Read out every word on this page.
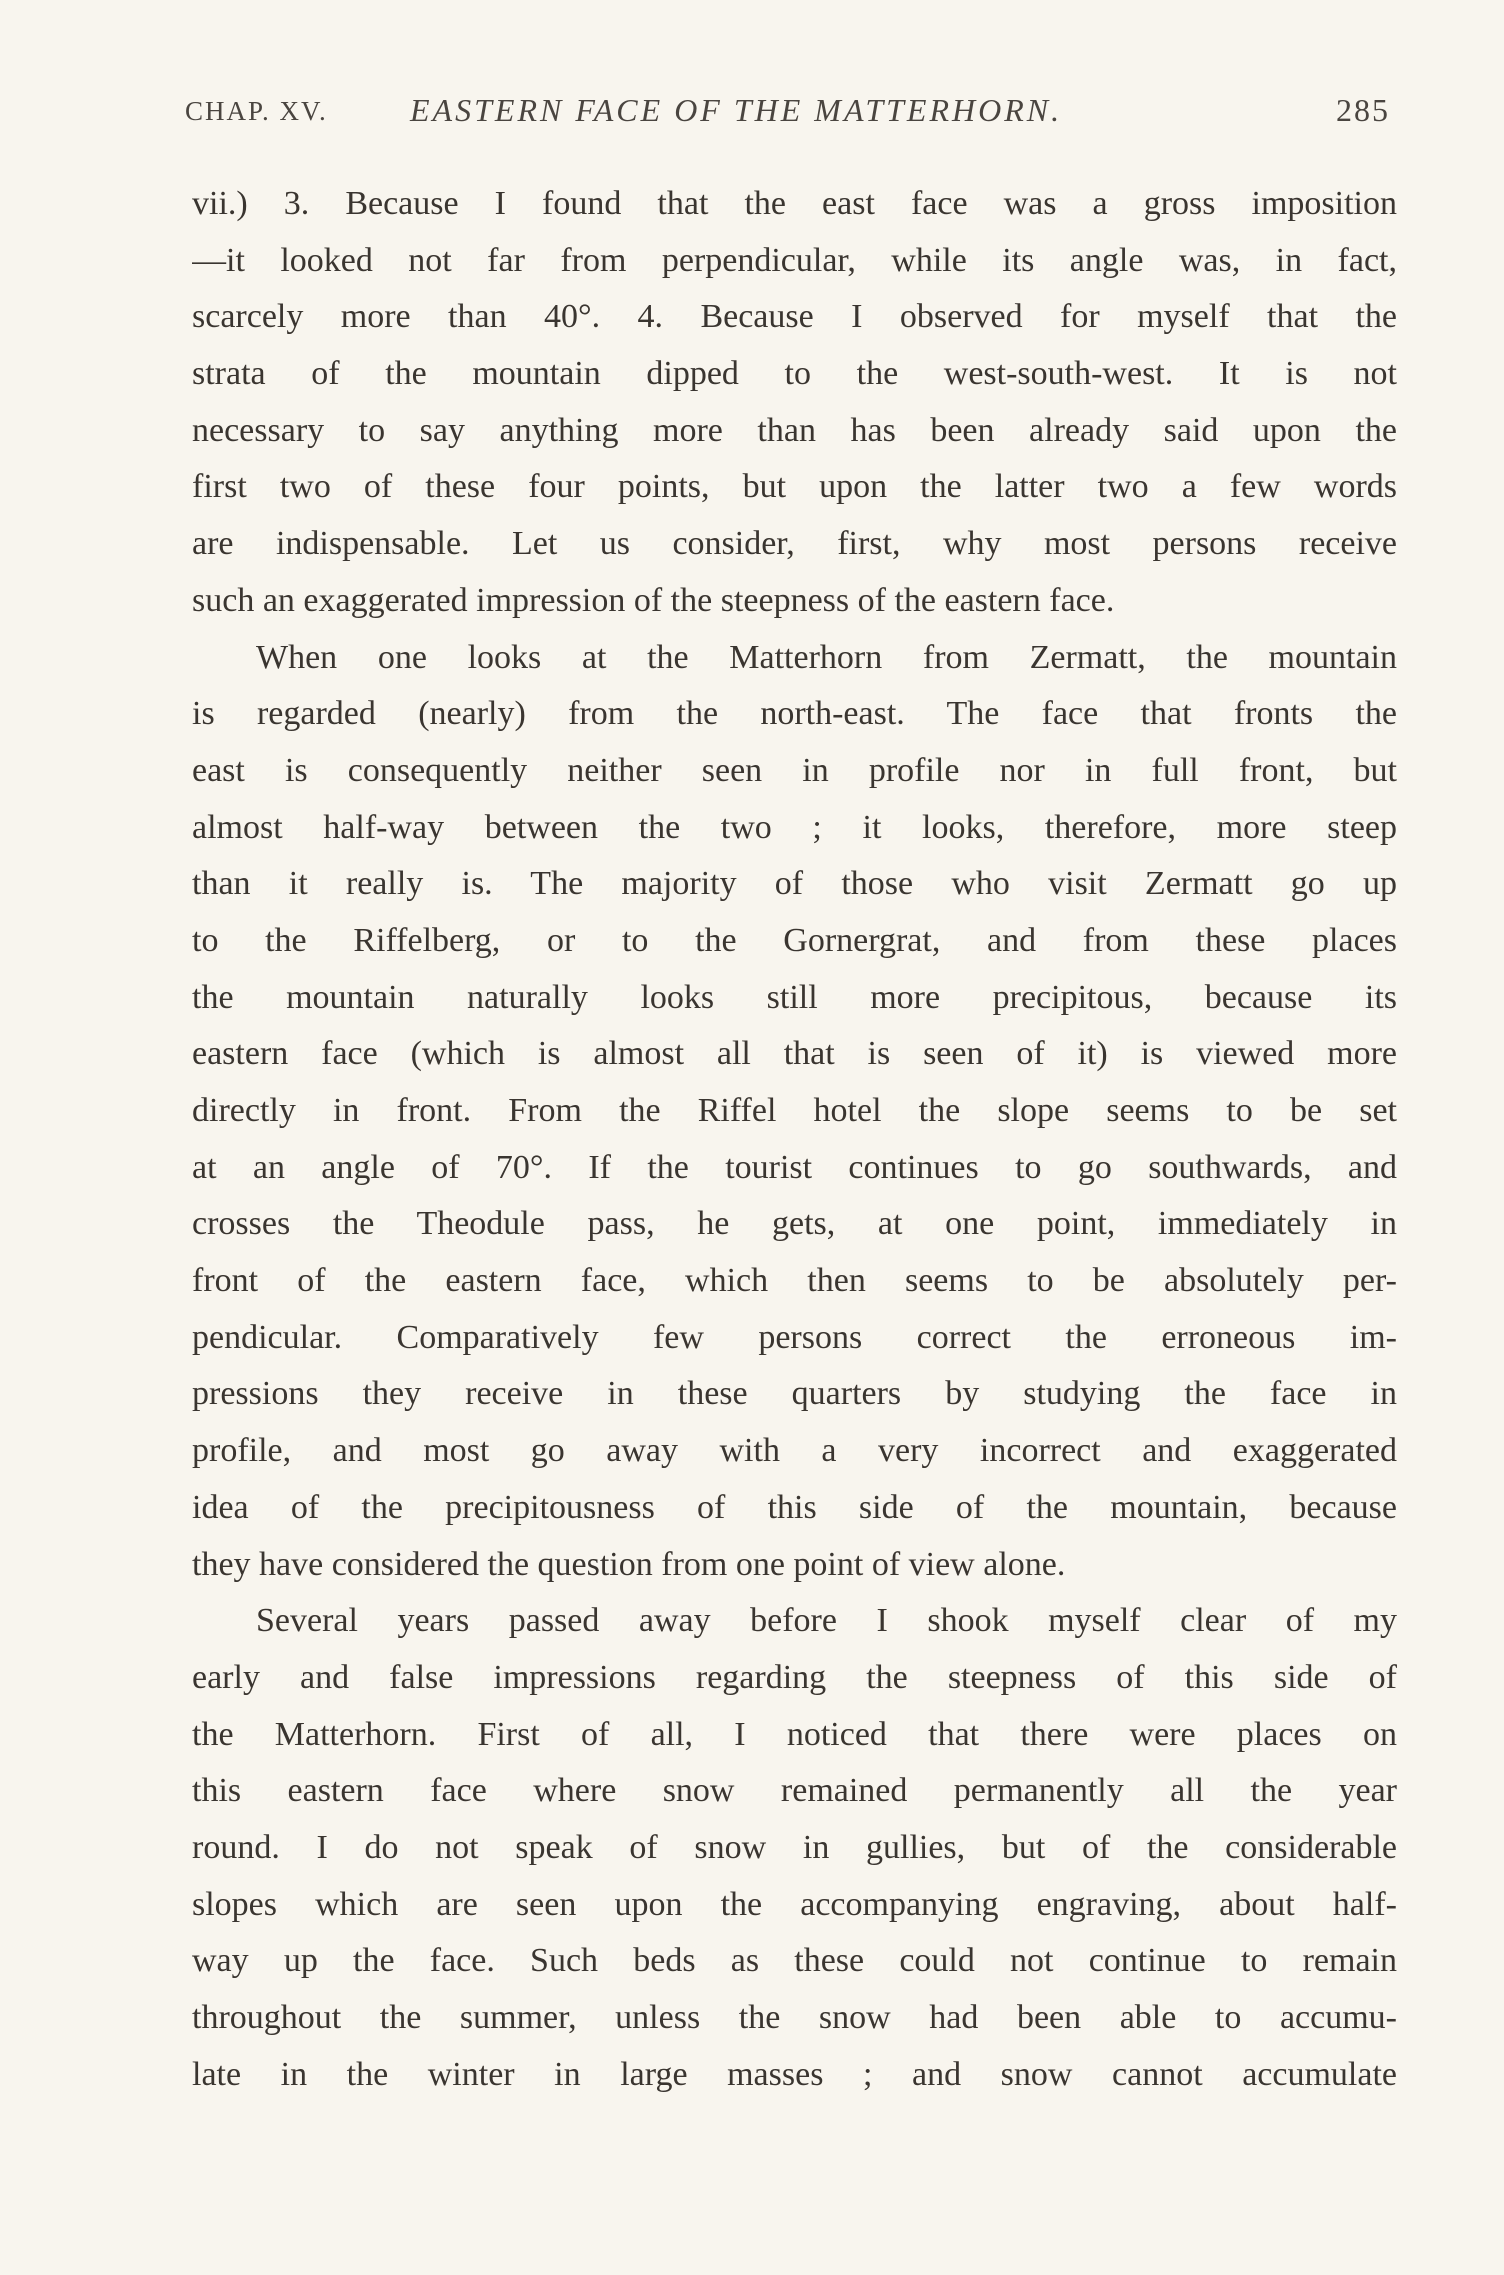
CHAP. XV.	EASTERN FACE OF THE MATTERHORN.	285
vii.) 3. Because I found that the east face was a gross imposition
—it looked not far from perpendicular, while its angle was, in fact,
scarcely more than 40°. 4. Because I observed for myself that the
strata of the mountain dipped to the west-south-west. It is not
necessary to say anything more than has been already said upon the
first two of these four points, but upon the latter two a few words
are indispensable. Let us consider, first, why most persons receive
such an exaggerated impression of the steepness of the eastern face.
When one looks at the Matterhorn from Zermatt, the mountain
is regarded (nearly) from the north-east. The face that fronts the
east is consequently neither seen in profile nor in full front, but
almost half-way between the two ; it looks, therefore, more steep
than it really is. The majority of those who visit Zermatt go up
to the Riffelberg, or to the Gornergrat, and from these places
the mountain naturally looks still more precipitous, because its
eastern face (which is almost all that is seen of it) is viewed more
directly in front. From the Riffel hotel the slope seems to be set
at an angle of 70°. If the tourist continues to go southwards, and
crosses the Theodule pass, he gets, at one point, immediately in
front of the eastern face, which then seems to be absolutely per-
pendicular. Comparatively few persons correct the erroneous im-
pressions they receive in these quarters by studying the face in
profile, and most go away with a very incorrect and exaggerated
idea of the precipitousness of this side of the mountain, because
they have considered the question from one point of view alone.
Several years passed away before I shook myself clear of my
early and false impressions regarding the steepness of this side of
the Matterhorn. First of all, I noticed that there were places on
this eastern face where snow remained permanently all the year
round. I do not speak of snow in gullies, but of the considerable
slopes which are seen upon the accompanying engraving, about half-
way up the face. Such beds as these could not continue to remain
throughout the summer, unless the snow had been able to accumu-
late in the winter in large masses ; and snow cannot accumulate
